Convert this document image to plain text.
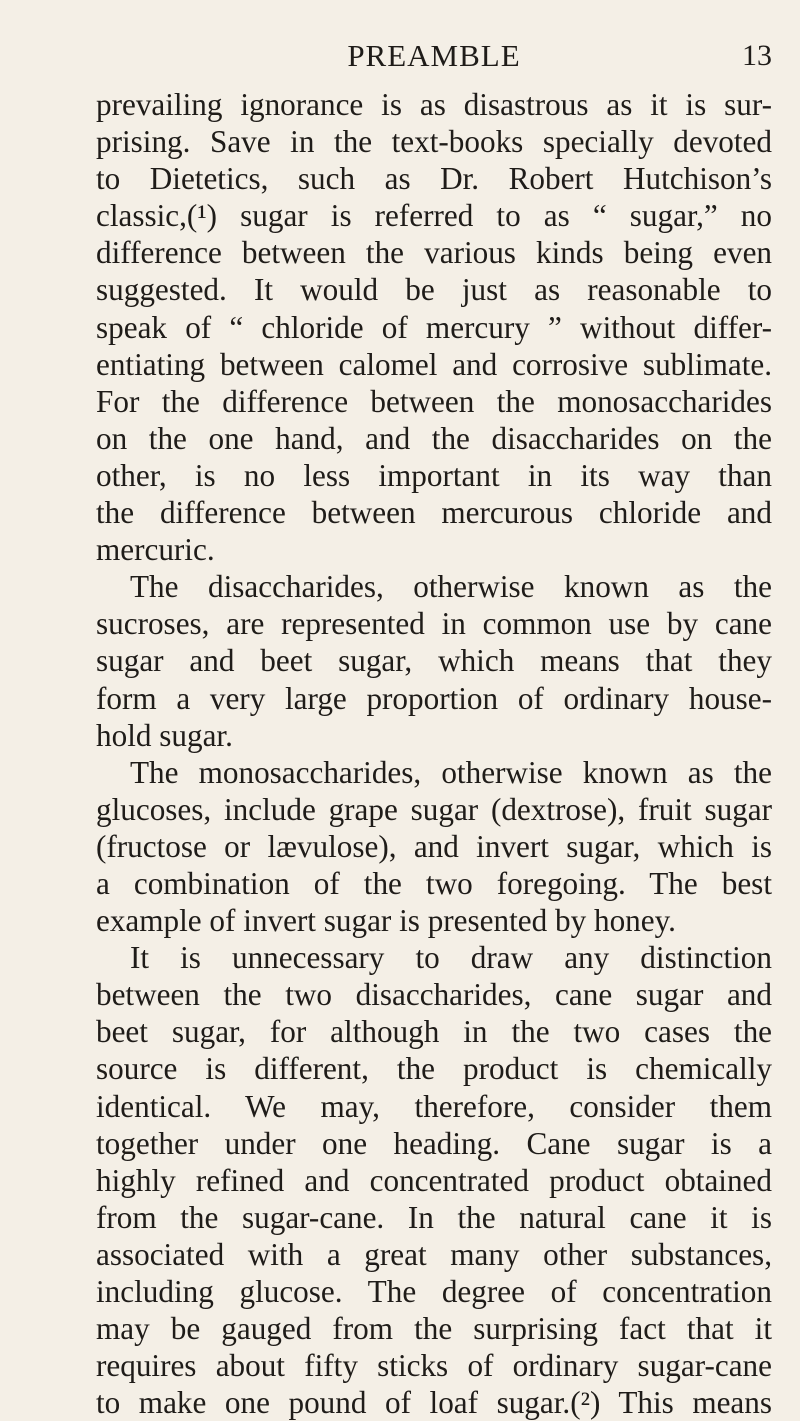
PREAMBLE	13
prevailing ignorance is as disastrous as it is sur-
prising. Save in the text-books specially devoted
to Dietetics, such as Dr. Robert Hutchison’s
classic,(¹) sugar is referred to as “ sugar,” no
difference between the various kinds being even
suggested. It would be just as reasonable to
speak of “ chloride of mercury ” without differ-
entiating between calomel and corrosive sublimate.
For the difference between the monosaccharides
on the one hand, and the disaccharides on the
other, is no less important in its way than
the difference between mercurous chloride and
mercuric.
The disaccharides, otherwise known as the
sucroses, are represented in common use by cane
sugar and beet sugar, which means that they
form a very large proportion of ordinary house-
hold sugar.
The monosaccharides, otherwise known as the
glucoses, include grape sugar (dextrose), fruit sugar
(fructose or lævulose), and invert sugar, which is
a combination of the two foregoing. The best
example of invert sugar is presented by honey.
It is unnecessary to draw any distinction
between the two disaccharides, cane sugar and
beet sugar, for although in the two cases the
source is different, the product is chemically
identical. We may, therefore, consider them
together under one heading. Cane sugar is a
highly refined and concentrated product obtained
from the sugar-cane. In the natural cane it is
associated with a great many other substances,
including glucose. The degree of concentration
may be gauged from the surprising fact that it
requires about fifty sticks of ordinary sugar-cane
to make one pound of loaf sugar.(²) This means
